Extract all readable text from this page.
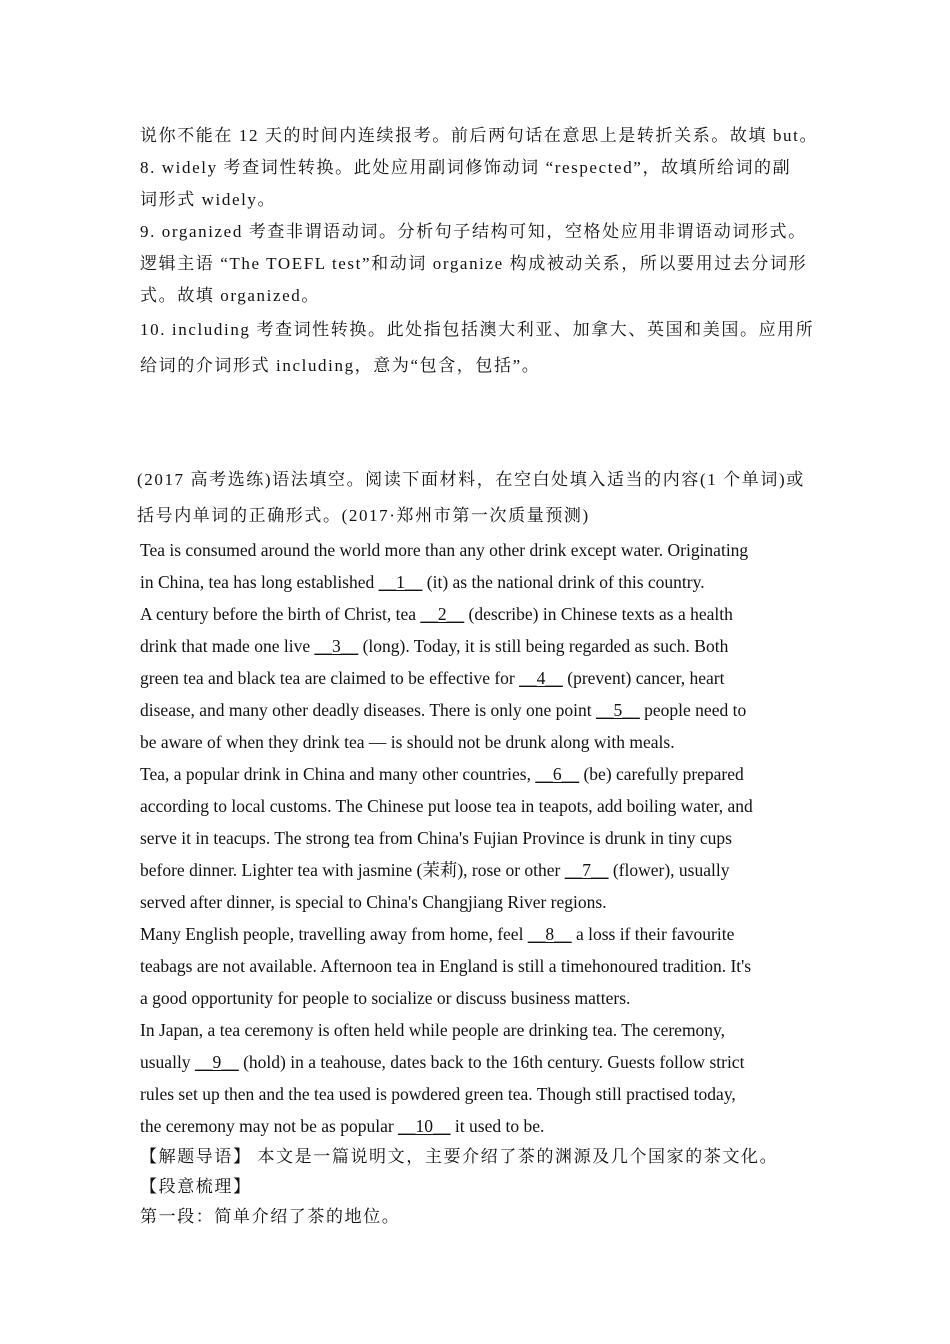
说你不能在 12 天的时间内连续报考。前后两句话在意思上是转折关系。故填 but。
8. widely 考查词性转换。此处应用副词修饰动词 “respected”，故填所给词的副
词形式 widely。
9. organized 考查非谓语动词。分析句子结构可知，空格处应用非谓语动词形式。
逻辑主语 “The TOEFL test”和动词 organize 构成被动关系，所以要用过去分词形
式。故填 organized。
10. including 考查词性转换。此处指包括澳大利亚、加拿大、英国和美国。应用所
给词的介词形式 including，意为“包含，包括”。
(2017 高考选练)语法填空。阅读下面材料，在空白处填入适当的内容(1 个单词)或
括号内单词的正确形式。(2017·郑州市第一次质量预测)
Tea is consumed around the world more than any other drink except water. Originating
in China, tea has long established __1__ (it) as the national drink of this country.
A century before the birth of Christ, tea __2__ (describe) in Chinese texts as a health
drink that made one live __3__ (long). Today, it is still being regarded as such. Both
green tea and black tea are claimed to be effective for __4__ (prevent) cancer, heart
disease, and many other deadly diseases. There is only one point __5__ people need to
be aware of when they drink tea — is should not be drunk along with meals.
Tea, a popular drink in China and many other countries, __6__ (be) carefully prepared
according to local customs. The Chinese put loose tea in teapots, add boiling water, and
serve it in teacups. The strong tea from China's Fujian Province is drunk in tiny cups
before dinner. Lighter tea with jasmine (茉莉), rose or other __7__ (flower), usually
served after dinner, is special to China's Changjiang River regions.
Many English people, travelling away from home, feel __8__ a loss if their favourite
teabags are not available. Afternoon tea in England is still a timehonoured tradition. It's
a good opportunity for people to socialize or discuss business matters.
In Japan, a tea ceremony is often held while people are drinking tea. The ceremony,
usually __9__ (hold) in a teahouse, dates back to the 16th century. Guests follow strict
rules set up then and the tea used is powdered green tea. Though still practised today,
the ceremony may not be as popular __10__ it used to be.
【解题导语】 本文是一篇说明文，主要介绍了茶的渊源及几个国家的茶文化。
【段意梳理】
第一段：简单介绍了茶的地位。
